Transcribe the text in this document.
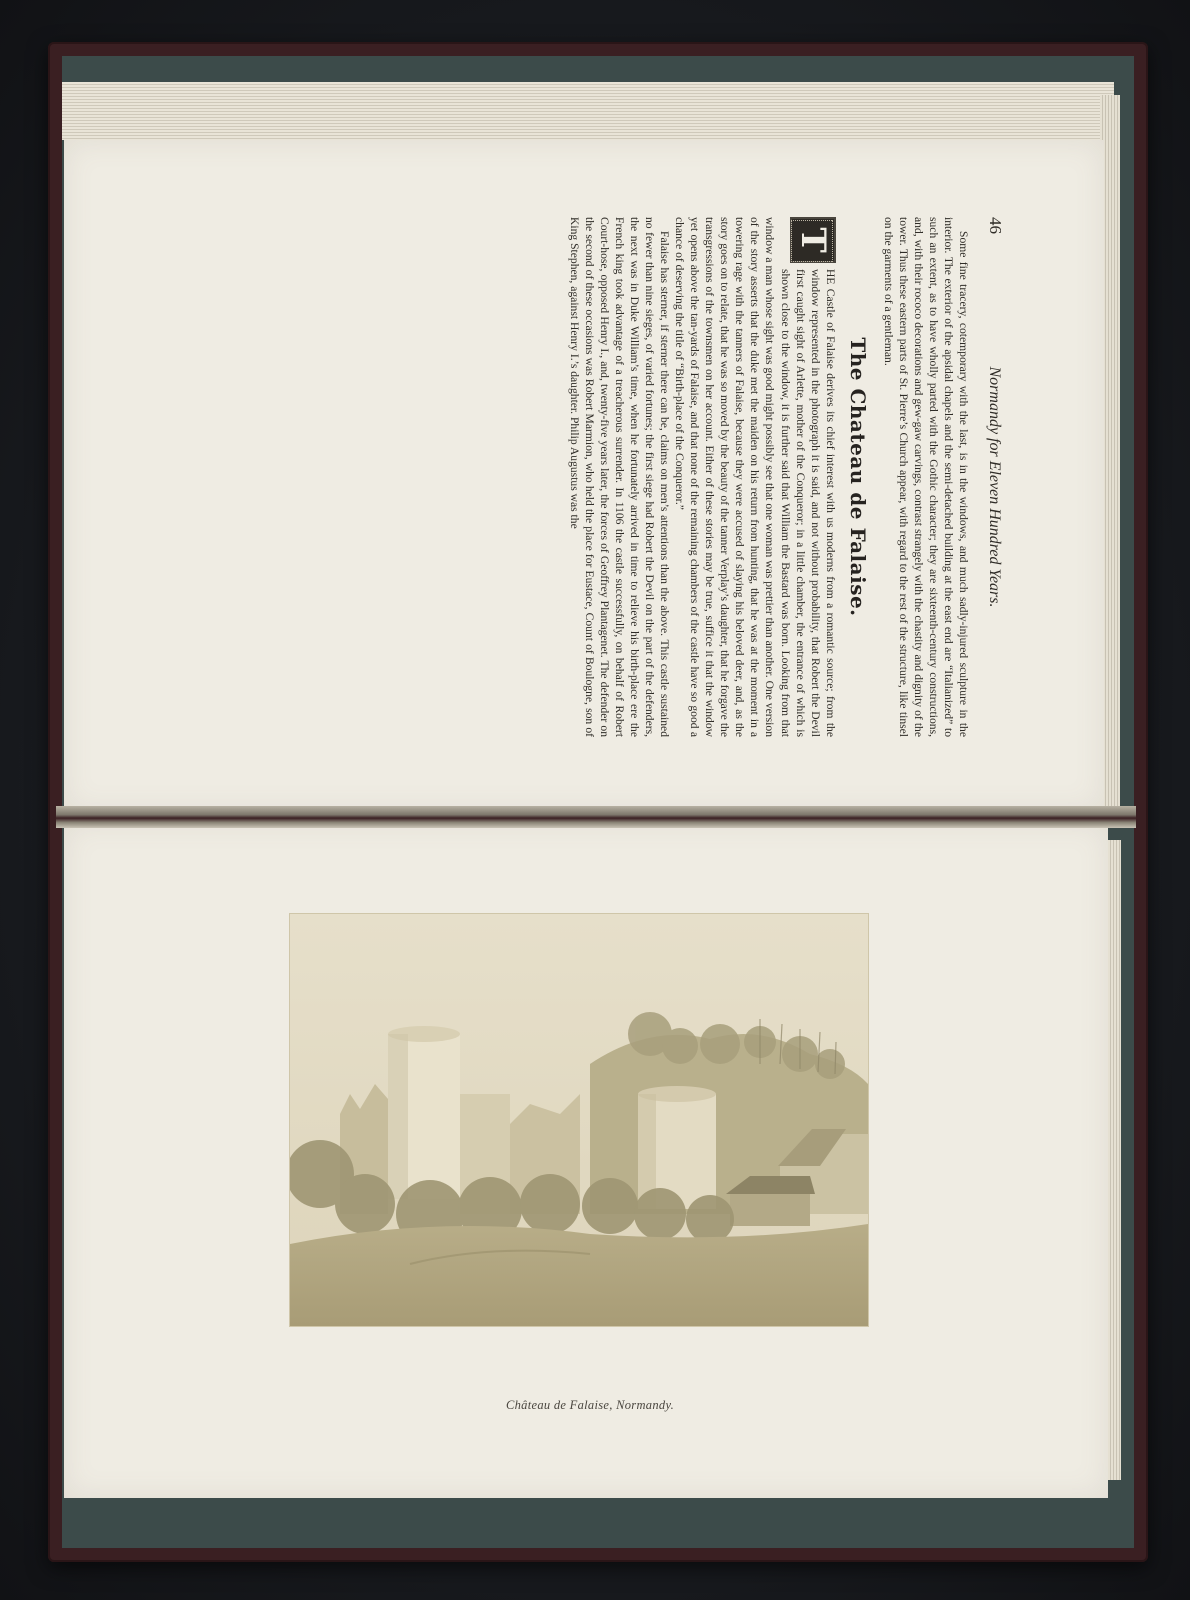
46
Normandy for Eleven Hundred Years.

Some fine tracery, cotemporary with the last, is in the windows, and much sadly-injured sculpture in the interior. The exterior of the apsidal chapels and the semi-detached building at the east end are “Italianized” to such an extent, as to have wholly parted with the Gothic character; they are sixteenth-century constructions, and, with their rococo decorations and gew-gaw carvings, contrast strangely with the chastity and dignity of the tower. Thus these eastern parts of St. Pierre’s Church appear, with regard to the rest of the structure, like tinsel on the garments of a gentleman.

The Chateau de Falaise.
T

HE Castle of Falaise derives its chief interest with us moderns from a romantic source; from the window represented in the photograph it is said, and not without probability, that Robert the Devil first caught sight of Arlette, mother of the Conqueror; in a little chamber, the entrance of which is shown close to the window, it is further said that William the Bastard was born. Looking from that window a man whose sight was good might possibly see that one woman was prettier than another. One version of the story asserts that the duke met the maiden on his return from hunting, that he was at the moment in a towering rage with the tanners of Falaise, because they were accused of slaying his beloved deer, and, as the story goes on to relate, that he was so moved by the beauty of the tanner Verplay’s daughter, that he forgave the transgressions of the townsmen on her account. Either of these stories may be true, suffice it that the window yet opens above the tan-yards of Falaise, and that none of the remaining chambers of the castle have so good a chance of deserving the title of “Birth-place of the Conqueror.”

Falaise has sterner, if sterner there can be, claims on men’s attentions than the above. This castle sustained no fewer than nine sieges, of varied fortunes; the first siege had Robert the Devil on the part of the defenders, the next was in Duke William’s time, when he fortunately arrived in time to relieve his birth-place ere the French king took advantage of a treacherous surrender. In 1106 the castle successfully, on behalf of Robert Court-hose, opposed Henry I., and, twenty-five years later, the forces of Geoffrey Plantagenet. The defender on the second of these occasions was Robert Marmion, who held the place for Eustace, Count of Boulogne, son of King Stephen, against Henry I.’s daughter. Philip Augustus was the

Château de Falaise, Normandy.
